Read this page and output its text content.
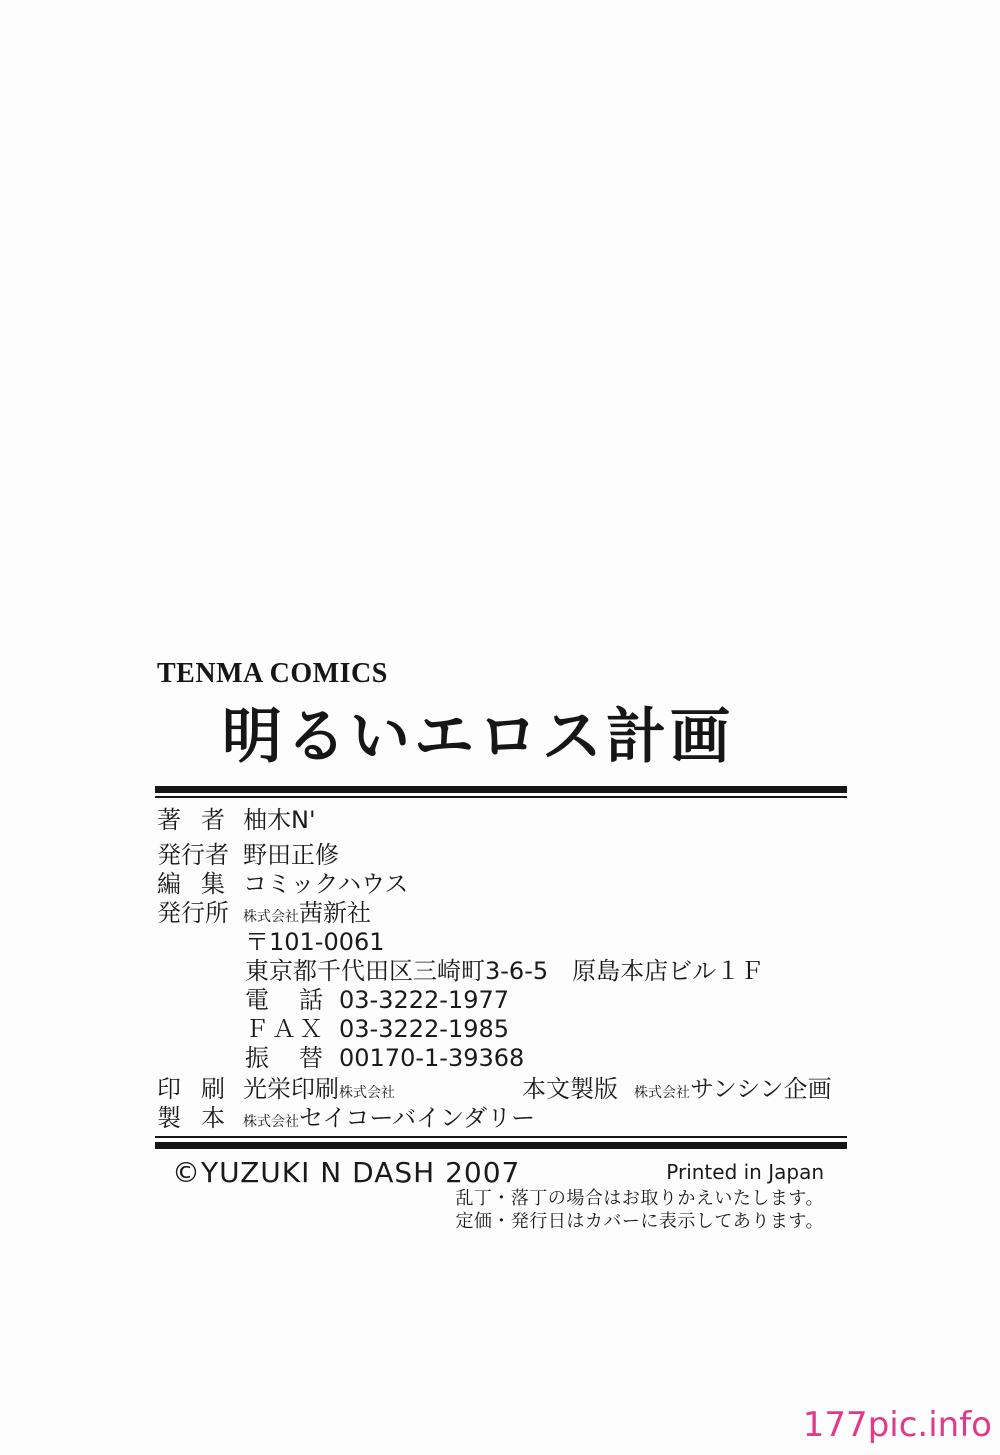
TENMA COMICS
明るいエロス計画
著者 柚木N'
発行者 野田正修
編集 コミックハウス
発行所 株式会社茜新社
〒101-0061
東京都千代田区三崎町3-6-5　原島本店ビル１Ｆ
電話 03-3222-1977
ＦＡＸ 03-3222-1985
振替 00170-1-39368
印刷 光栄印刷株式会社	本文製版 株式会社サンシン企画
製本 株式会社セイコーバインダリー
©YUZUKI N DASH 2007	Printed in Japan
乱丁・落丁の場合はお取りかえいたします。
定価・発行日はカバーに表示してあります。
177pic.info
